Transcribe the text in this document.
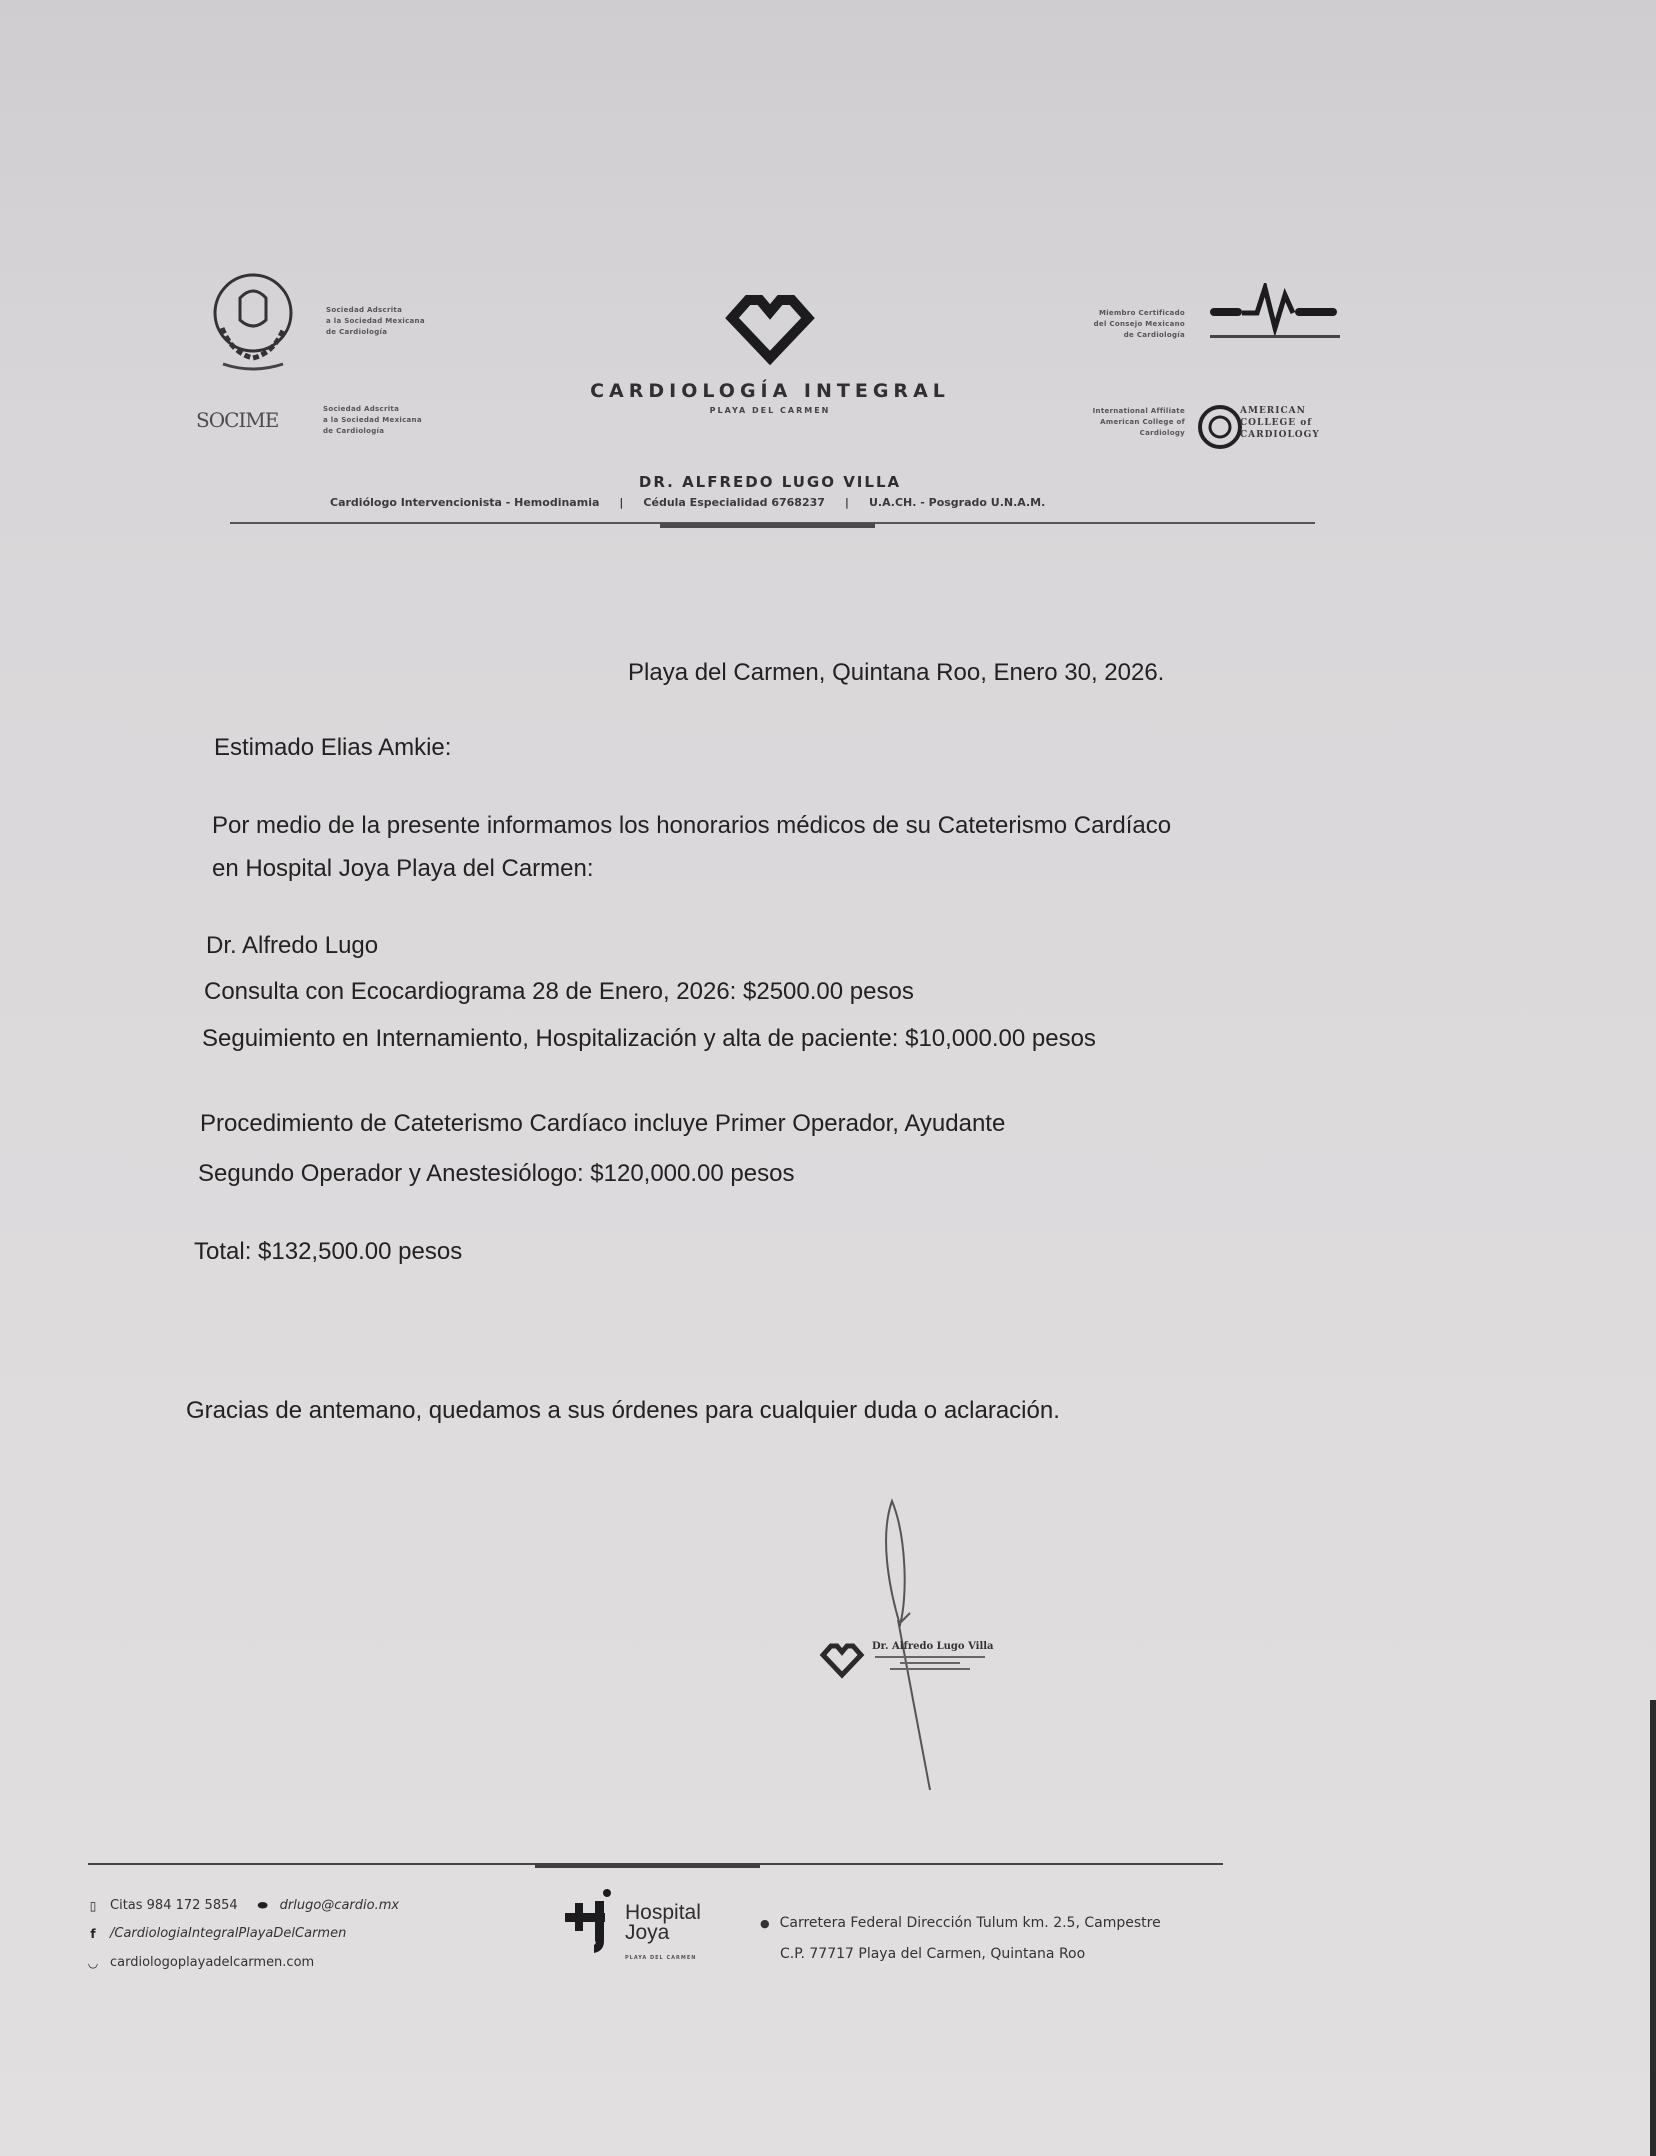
Sociedad Adscrita
a la Sociedad Mexicana
de Cardiología
SOCIME	Sociedad Adscrita
a la Sociedad Mexicana
de Cardiología
CARDIOLOGÍA INTEGRAL
PLAYA DEL CARMEN
Miembro Certificado
del Consejo Mexicano
de Cardiología
International Affiliate
American College of
Cardiology
AMERICAN
COLLEGE of
CARDIOLOGY
DR. ALFREDO LUGO VILLA
Cardiólogo Intervencionista - Hemodinamia | Cédula Especialidad 6768237 | U.A.CH. - Posgrado U.N.A.M.
Playa del Carmen, Quintana Roo, Enero 30, 2026.
Estimado Elias Amkie:
Por medio de la presente informamos los honorarios médicos de su Cateterismo Cardíaco
en Hospital Joya Playa del Carmen:
Dr. Alfredo Lugo
Consulta con Ecocardiograma 28 de Enero, 2026: $2500.00 pesos
Seguimiento en Internamiento, Hospitalización y alta de paciente: $10,000.00 pesos
Procedimiento de Cateterismo Cardíaco incluye Primer Operador, Ayudante
Segundo Operador y Anestesiólogo: $120,000.00 pesos
Total: $132,500.00 pesos
Gracias de antemano, quedamos a sus órdenes para cualquier duda o aclaración.
Dr. Alfredo Lugo Villa
▯ Citas 984 172 5854 ⬬ drlugo@cardio.mx
f	/CardiologiaIntegralPlayaDelCarmen
◡ cardiologoplayadelcarmen.com
Hospital
Joya
PLAYA DEL CARMEN
● Carretera Federal Dirección Tulum km. 2.5, Campestre
C.P. 77717 Playa del Carmen, Quintana Roo
